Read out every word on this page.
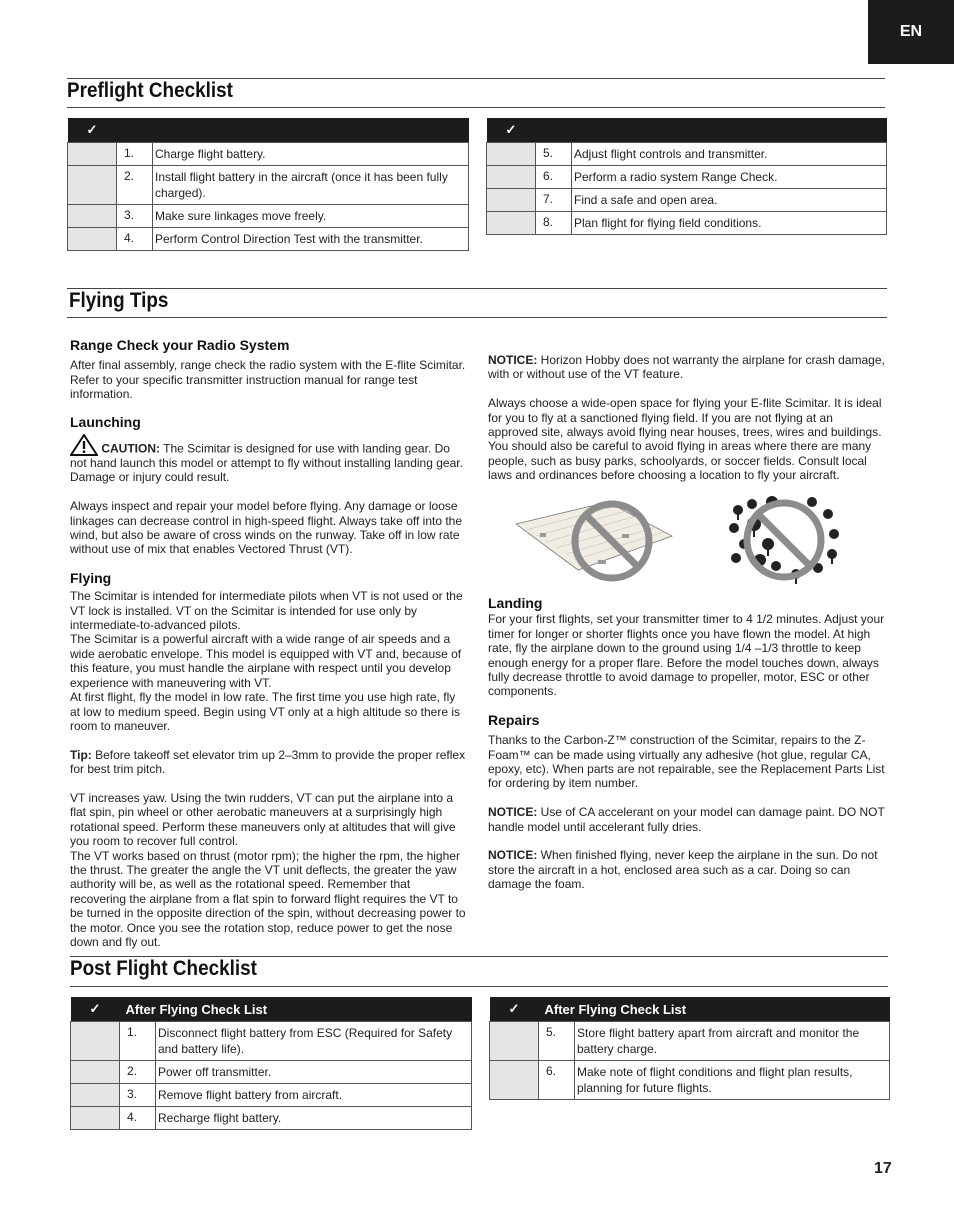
EN
Preflight Checklist
✓		
	1.	Charge flight battery.
	2.	Install flight battery in the aircraft (once it has been fully charged).
	3.	Make sure linkages move freely.
	4.	Perform Control Direction Test with the transmitter.
✓		
	5.	Adjust flight controls and transmitter.
	6.	Perform a radio system Range Check.
	7.	Find a safe and open area.
	8.	Plan flight for flying field conditions.
Flying Tips
Range Check your Radio System

After final assembly, range check the radio system with the E-flite Scimitar. Refer to your specific transmitter instruction manual for range test information.

Launching

CAUTION: The Scimitar is designed for use with landing gear. Do not hand launch this model or attempt to fly without installing landing gear. Damage or injury could result.

Always inspect and repair your model before flying. Any damage or loose linkages can decrease control in high-speed flight. Always take off into the wind, but also be aware of cross winds on the runway. Take off in low rate without use of mix that enables Vectored Thrust (VT).

Flying

The Scimitar is intended for intermediate pilots when VT is not used or the VT lock is installed. VT on the Scimitar is intended for use only by intermediate-to-advanced pilots.

The Scimitar is a powerful aircraft with a wide range of air speeds and a wide aerobatic envelope. This model is equipped with VT and, because of this feature, you must handle the airplane with respect until you develop experience with maneuvering with VT.

At first flight, fly the model in low rate. The first time you use high rate, fly at low to medium speed. Begin using VT only at a high altitude so there is room to maneuver.

Tip: Before takeoff set elevator trim up 2–3mm to provide the proper reflex for best trim pitch.

VT increases yaw. Using the twin rudders, VT can put the airplane into a flat spin, pin wheel or other aerobatic maneuvers at a surprisingly high rotational speed. Perform these maneuvers only at altitudes that will give you room to recover full control.

The VT works based on thrust (motor rpm); the higher the rpm, the higher the thrust. The greater the angle the VT unit deflects, the greater the yaw authority will be, as well as the rotational speed. Remember that recovering the airplane from a flat spin to forward flight requires the VT to be turned in the opposite direction of the spin, without decreasing power to the motor. Once you see the rotation stop, reduce power to get the nose down and fly out.

NOTICE: Horizon Hobby does not warranty the airplane for crash damage, with or without use of the VT feature.

Always choose a wide-open space for flying your E-flite Scimitar. It is ideal for you to fly at a sanctioned flying field. If you are not flying at an approved site, always avoid flying near houses, trees, wires and buildings. You should also be careful to avoid flying in areas where there are many people, such as busy parks, schoolyards, or soccer fields. Consult local laws and ordinances before choosing a location to fly your aircraft.

Landing

For your first flights, set your transmitter timer to 4 1/2 minutes. Adjust your timer for longer or shorter flights once you have flown the model. At high rate, fly the airplane down to the ground using 1/4 –1/3 throttle to keep enough energy for a proper flare. Before the model touches down, always fully decrease throttle to avoid damage to propeller, motor, ESC or other components.

Repairs

Thanks to the Carbon-Z™ construction of the Scimitar, repairs to the Z-Foam™ can be made using virtually any adhesive (hot glue, regular CA, epoxy, etc). When parts are not repairable, see the Replacement Parts List for ordering by item number.

NOTICE: Use of CA accelerant on your model can damage paint. DO NOT handle model until accelerant fully dries.

NOTICE: When finished flying, never keep the airplane in the sun. Do not store the aircraft in a hot, enclosed area such as a car. Doing so can damage the foam.

Post Flight Checklist
✓	After Flying Check List	
	1.	Disconnect flight battery from ESC (Required for Safety and battery life).
	2.	Power off transmitter.
	3.	Remove flight battery from aircraft.
	4.	Recharge flight battery.
✓	After Flying Check List	
	5.	Store flight battery apart from aircraft and monitor the battery charge.
	6.	Make note of flight conditions and flight plan results, planning for future flights.
17
